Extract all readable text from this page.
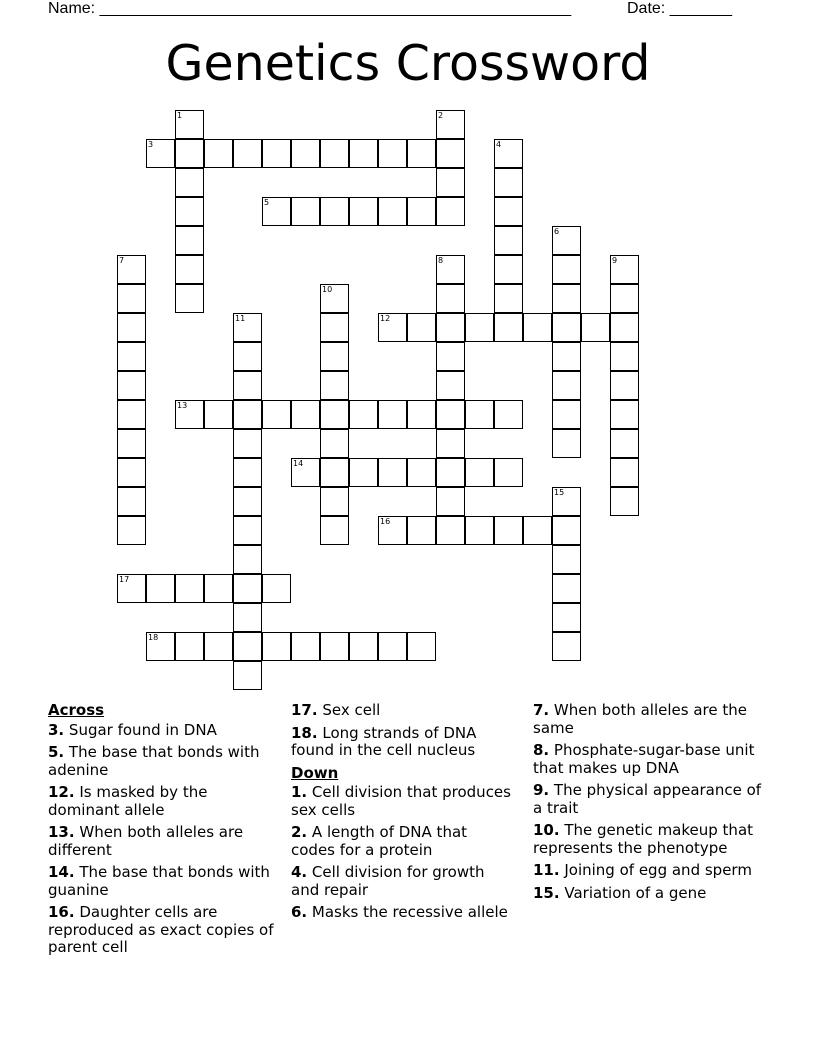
Name: _____________________________________________________	Date: _______
Genetics Crossword
1	2
3	4
5
6
7	8	9
10
11	12
13
14
15
16
17
18

Across

3. Sugar found in DNA

5. The base that bonds with adenine

12. Is masked by the dominant allele

13. When both alleles are different

14. The base that bonds with guanine

16. Daughter cells are reproduced as exact copies of parent cell

17. Sex cell

18. Long strands of DNA found in the cell nucleus

Down

1. Cell division that produces sex cells

2. A length of DNA that codes for a protein

4. Cell division for growth and repair

6. Masks the recessive allele

7. When both alleles are the same

8. Phosphate-sugar-base unit that makes up DNA

9. The physical appearance of a trait

10. The genetic makeup that represents the phenotype

11. Joining of egg and sperm

15. Variation of a gene
